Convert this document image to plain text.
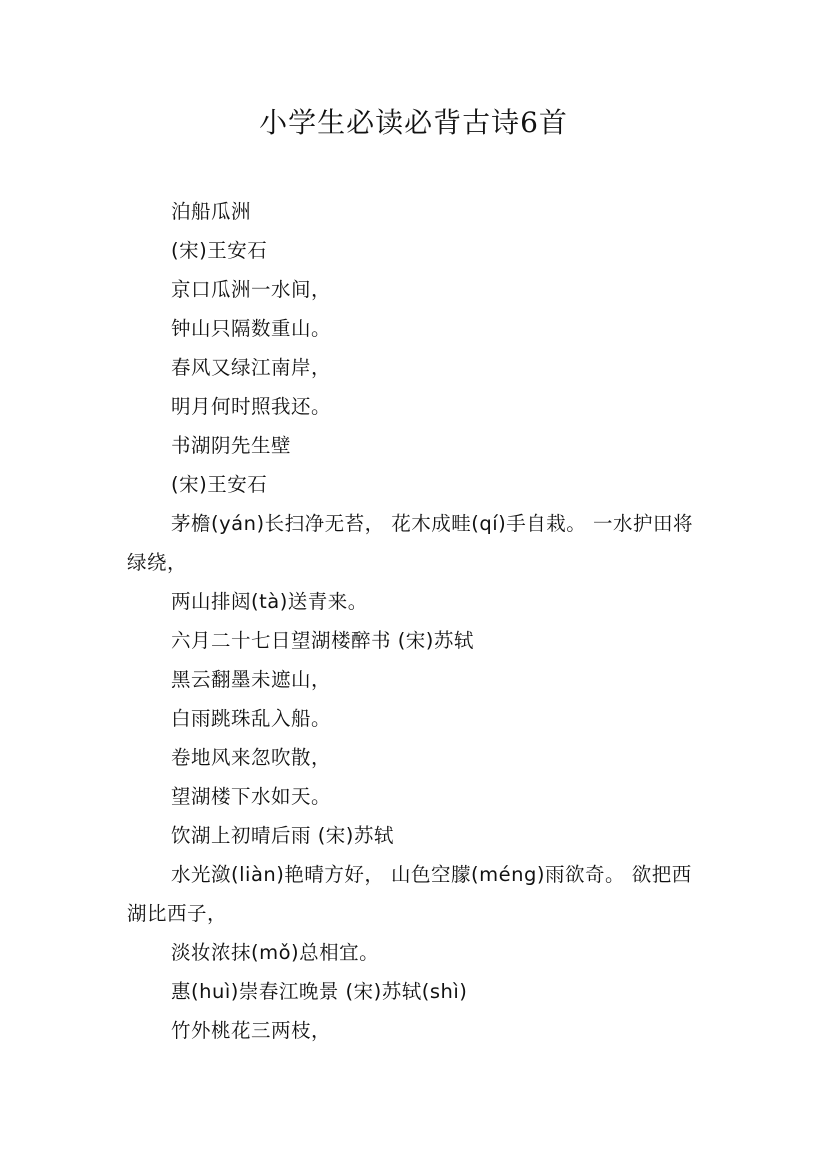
小学生必读必背古诗6首

泊船瓜洲

(宋)王安石

京口瓜洲一水间，

钟山只隔数重山。

春风又绿江南岸，

明月何时照我还。

书湖阴先生壁

(宋)王安石

茅檐(yán)长扫净无苔， 花木成畦(qí)手自栽。 一水护田将绿绕，

两山排闼(tà)送青来。

六月二十七日望湖楼醉书 (宋)苏轼

黑云翻墨未遮山，

白雨跳珠乱入船。

卷地风来忽吹散，

望湖楼下水如天。

饮湖上初晴后雨 (宋)苏轼

水光潋(liàn)艳晴方好， 山色空朦(méng)雨欲奇。 欲把西湖比西子，

淡妆浓抹(mǒ)总相宜。

惠(huì)崇春江晚景 (宋)苏轼(shì)

竹外桃花三两枝，
